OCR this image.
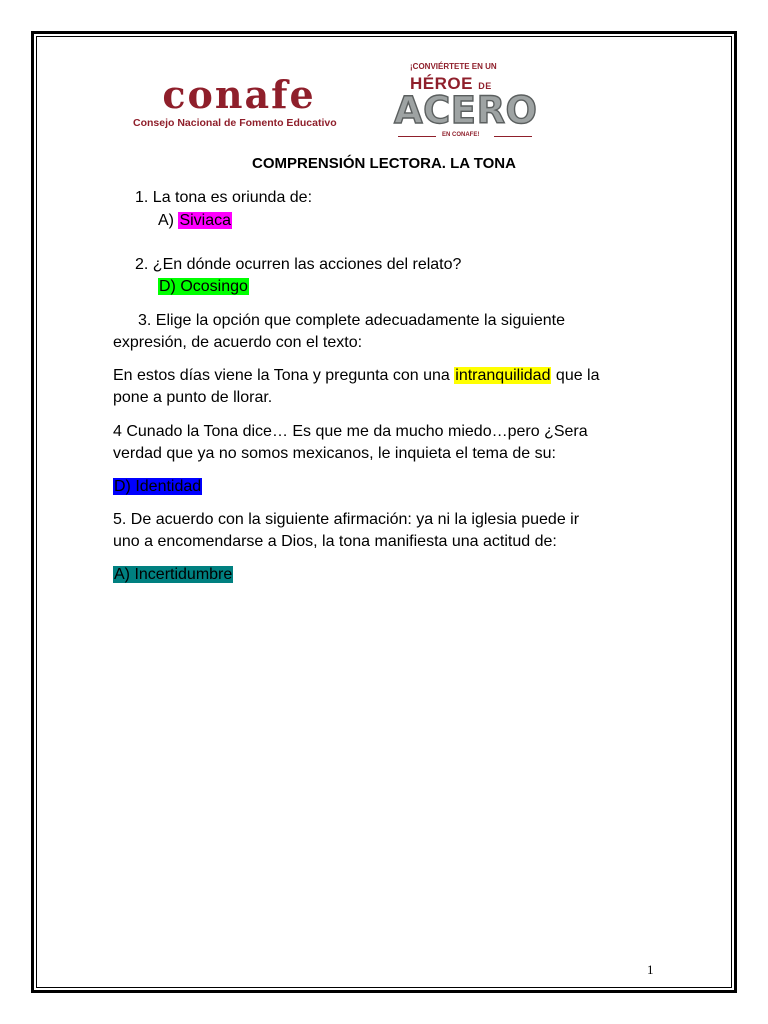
conafe
Consejo Nacional de Fomento Educativo
¡CONVIÉRTETE EN UN
HÉROE DE
ACERO
EN CONAFE!
COMPRENSIÓN LECTORA. LA TONA
1. La tona es oriunda de:
A) Siviaca
2. ¿En dónde ocurren las acciones del relato?
D) Ocosingo
3. Elige la opción que complete adecuadamente la siguiente
expresión, de acuerdo con el texto:
En estos días viene la Tona y pregunta con una intranquilidad que la
pone a punto de llorar.
4 Cunado la Tona dice… Es que me da mucho miedo…pero ¿Sera
verdad que ya no somos mexicanos, le inquieta el tema de su:
D) Identidad
5. De acuerdo con la siguiente afirmación: ya ni la iglesia puede ir
uno a encomendarse a Dios, la tona manifiesta una actitud de:
A) Incertidumbre
1
